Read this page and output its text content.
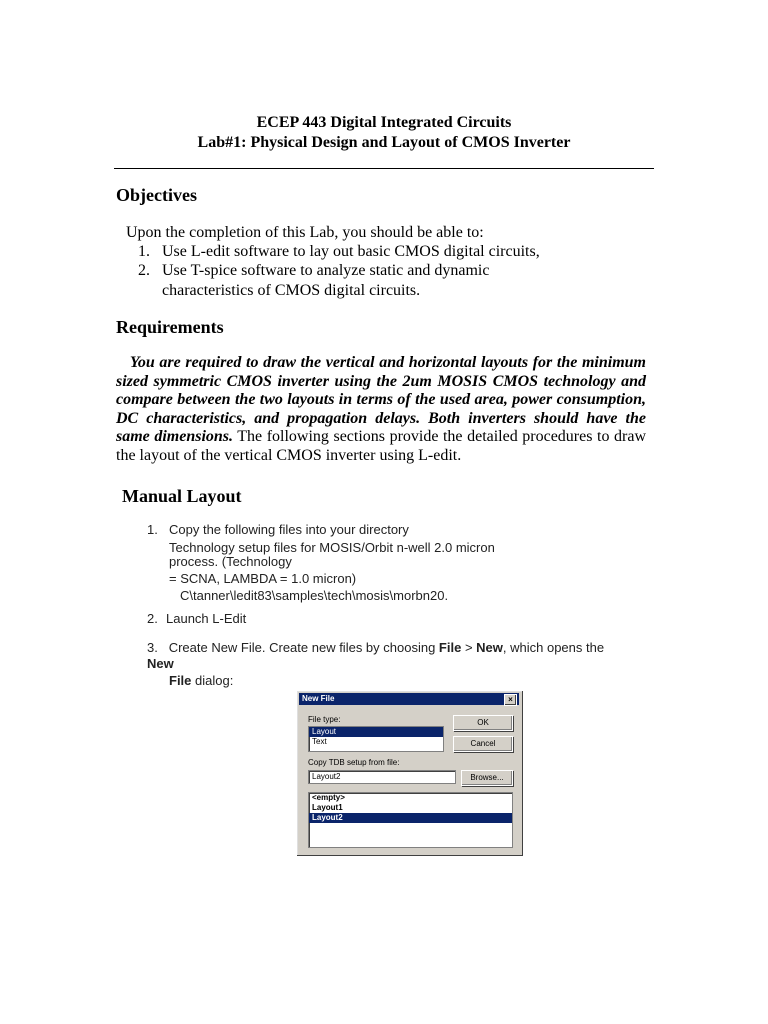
ECEP 443 Digital Integrated Circuits
Lab#1: Physical Design and Layout of CMOS Inverter
Objectives
Upon the completion of this Lab, you should be able to:
1. Use L-edit software to lay out basic CMOS digital circuits,
2. Use T-spice software to analyze static and dynamic
characteristics of CMOS digital circuits.
Requirements
You are required to draw the vertical and horizontal layouts for the minimum sized symmetric CMOS inverter using the 2um MOSIS CMOS technology and compare between the two layouts in terms of the used area, power consumption, DC characteristics, and propagation delays. Both inverters should have the same dimensions. The following sections provide the detailed procedures to draw the layout of the vertical CMOS inverter using L-edit.
Manual Layout
1. Copy the following files into your directory
Technology setup files for MOSIS/Orbit n-well 2.0 micron
process. (Technology
= SCNA, LAMBDA = 1.0 micron)
C\tanner\ledit83\samples\tech\mosis\morbn20.
2. Launch L-Edit
3. Create New File. Create new files by choosing File > New, which opens the
New
File dialog:
New File	×
File type:
Layout
Text
OK
Cancel
Copy TDB setup from file:
Layout2	Browse...
<empty>
Layout1
Layout2
